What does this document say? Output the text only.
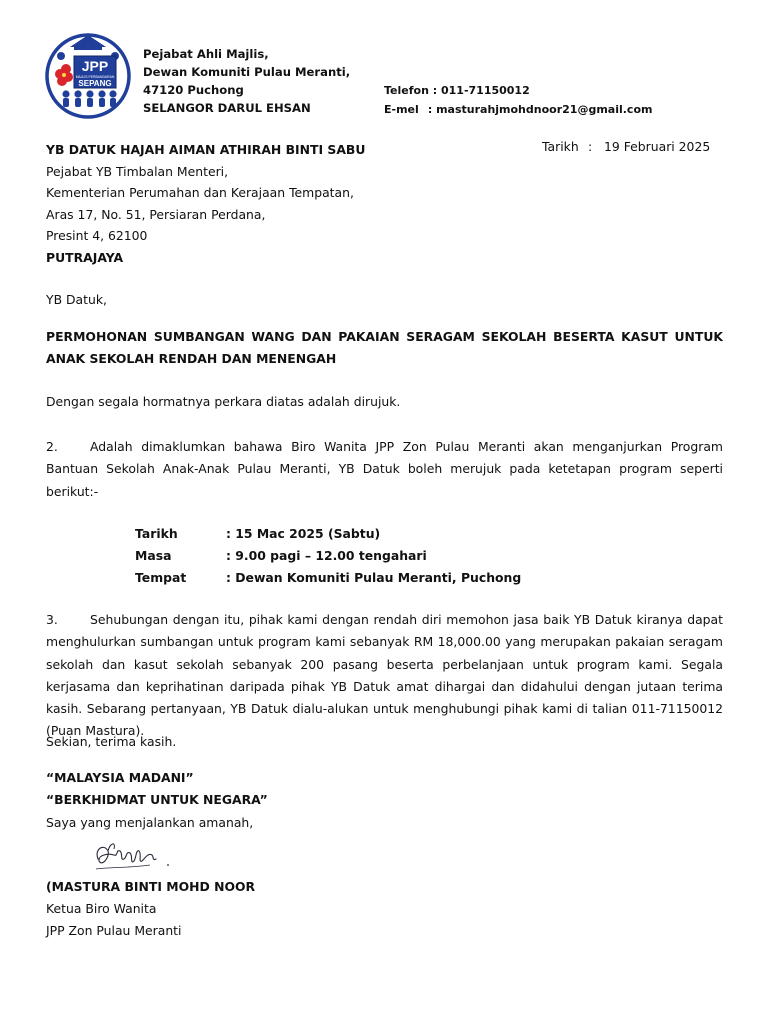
JPP
MAJLIS PERBANDARAN
SEPANG
Pejabat Ahli Majlis,
Dewan Komuniti Pulau Meranti,
47120 Puchong
SELANGOR DARUL EHSAN
Telefon : 011-71150012
E-mel : masturahjmohdnoor21@gmail.com
YB DATUK HAJAH AIMAN ATHIRAH BINTI SABU
Pejabat YB Timbalan Menteri,
Kementerian Perumahan dan Kerajaan Tempatan,
Aras 17, No. 51, Persiaran Perdana,
Presint 4, 62100
PUTRAJAYA
Tarikh : 19 Februari 2025
YB Datuk,
PERMOHONAN SUMBANGAN WANG DAN PAKAIAN SERAGAM SEKOLAH BESERTA KASUT UNTUK ANAK SEKOLAH RENDAH DAN MENENGAH
Dengan segala hormatnya perkara diatas adalah dirujuk.
2.	Adalah dimaklumkan bahawa Biro Wanita JPP Zon Pulau Meranti akan menganjurkan Program Bantuan Sekolah Anak-Anak Pulau Meranti, YB Datuk boleh merujuk pada ketetapan program seperti berikut:-
Tarikh	: 15 Mac 2025 (Sabtu)
Masa	: 9.00 pagi – 12.00 tengahari
Tempat	: Dewan Komuniti Pulau Meranti, Puchong
3.	Sehubungan dengan itu, pihak kami dengan rendah diri memohon jasa baik YB Datuk kiranya dapat menghulurkan sumbangan untuk program kami sebanyak RM 18,000.00 yang merupakan pakaian seragam sekolah dan kasut sekolah sebanyak 200 pasang beserta perbelanjaan untuk program kami. Segala kerjasama dan keprihatinan daripada pihak YB Datuk amat dihargai dan didahului dengan jutaan terima kasih. Sebarang pertanyaan, YB Datuk dialu-alukan untuk menghubungi pihak kami di talian 011-71150012 (Puan Mastura).
Sekian, terima kasih.
“MALAYSIA MADANI”
“BERKHIDMAT UNTUK NEGARA”
Saya yang menjalankan amanah,
(MASTURA BINTI MOHD NOOR
Ketua Biro Wanita
JPP Zon Pulau Meranti
